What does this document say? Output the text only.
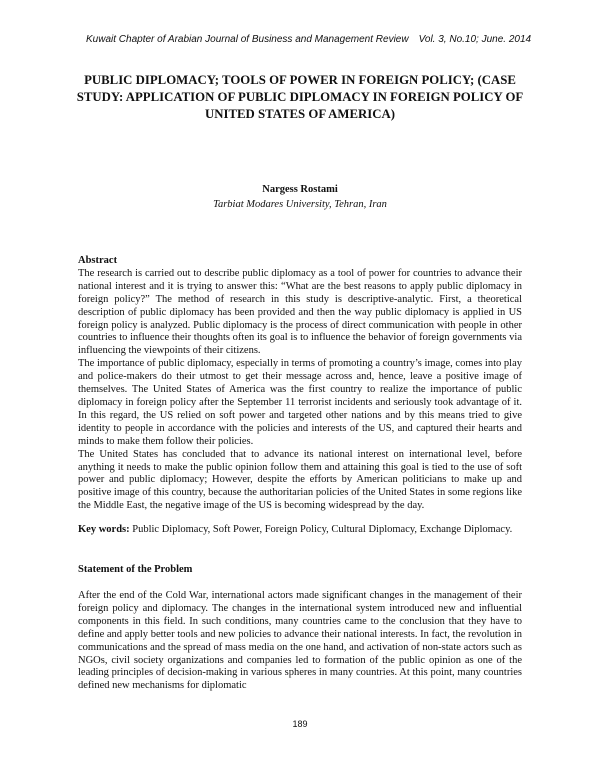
Kuwait Chapter of Arabian Journal of Business and Management Review Vol. 3, No.10; June. 2014
PUBLIC DIPLOMACY; TOOLS OF POWER IN FOREIGN POLICY; (CASE STUDY: APPLICATION OF PUBLIC DIPLOMACY IN FOREIGN POLICY OF UNITED STATES OF AMERICA)
Nargess Rostami
Tarbiat Modares University, Tehran, Iran
Abstract

The research is carried out to describe public diplomacy as a tool of power for countries to advance their national interest and it is trying to answer this: “What are the best reasons to apply public diplomacy in foreign policy?” The method of research in this study is descriptive-analytic. First, a theoretical description of public diplomacy has been provided and then the way public diplomacy is applied in US foreign policy is analyzed. Public diplomacy is the process of direct communication with people in other countries to influence their thoughts often its goal is to influence the behavior of foreign governments via influencing the viewpoints of their citizens.

The importance of public diplomacy, especially in terms of promoting a country’s image, comes into play and police-makers do their utmost to get their message across and, hence, leave a positive image of themselves. The United States of America was the first country to realize the importance of public diplomacy in foreign policy after the September 11 terrorist incidents and seriously took advantage of it. In this regard, the US relied on soft power and targeted other nations and by this means tried to give identity to people in accordance with the policies and interests of the US, and captured their hearts and minds to make them follow their policies.

The United States has concluded that to advance its national interest on international level, before anything it needs to make the public opinion follow them and attaining this goal is tied to the use of soft power and public diplomacy; However, despite the efforts by American politicians to make up and positive image of this country, because the authoritarian policies of the United States in some regions like the Middle East, the negative image of the US is becoming widespread by the day.

Key words: Public Diplomacy, Soft Power, Foreign Policy, Cultural Diplomacy, Exchange Diplomacy.
Statement of the Problem
After the end of the Cold War, international actors made significant changes in the management of their foreign policy and diplomacy. The changes in the international system introduced new and influential components in this field. In such conditions, many countries came to the conclusion that they have to define and apply better tools and new policies to advance their national interests. In fact, the revolution in communications and the spread of mass media on the one hand, and activation of non-state actors such as NGOs, civil society organizations and companies led to formation of the public opinion as one of the leading principles of decision-making in various spheres in many countries. At this point, many countries defined new mechanisms for diplomatic
189
